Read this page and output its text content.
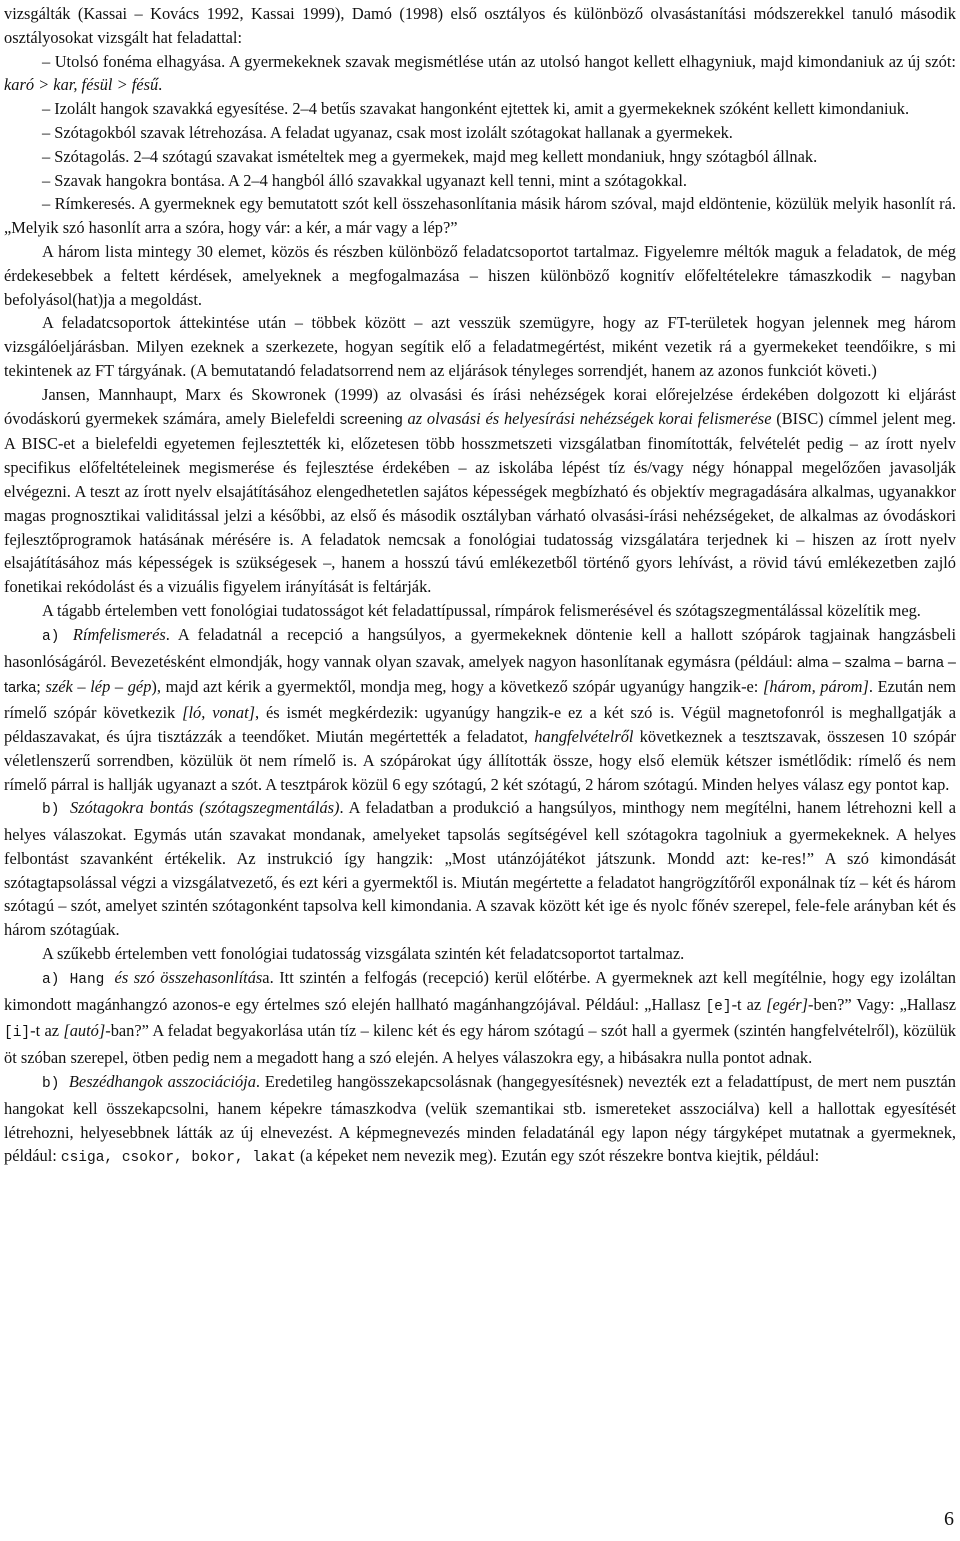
vizsgálták (Kassai – Kovács 1992, Kassai 1999), Damó (1998) első osztályos és különböző olvasástanítási módszerekkel tanuló második osztályosokat vizsgált hat feladattal:

– Utolsó fonéma elhagyása. A gyermekeknek szavak megismétlése után az utolsó hangot kellett elhagyniuk, majd kimondaniuk az új szót: karó > kar, fésül > fésű.

– Izolált hangok szavakká egyesítése. 2–4 betűs szavakat hangonként ejtettek ki, amit a gyermekeknek szóként kellett kimondaniuk.

– Szótagokból szavak létrehozása. A feladat ugyanaz, csak most izolált szótagokat hallanak a gyermekek.

– Szótagolás. 2–4 szótagú szavakat ismételtek meg a gyermekek, majd meg kellett mondaniuk, hngy szótagból állnak.

– Szavak hangokra bontása. A 2–4 hangból álló szavakkal ugyanazt kell tenni, mint a szótagokkal.

– Rímkeresés. A gyermeknek egy bemutatott szót kell összehasonlítania másik három szóval, majd eldöntenie, közülük melyik hasonlít rá. „Melyik szó hasonlít arra a szóra, hogy vár: a kér, a már vagy a lép?”

A három lista mintegy 30 elemet, közös és részben különböző feladatcsoportot tartalmaz. Figyelemre méltók maguk a feladatok, de még érdekesebbek a feltett kérdések, amelyeknek a megfogalmazása – hiszen különböző kognitív előfeltételekre támaszkodik – nagyban befolyásol(hat)ja a megoldást.

A feladatcsoportok áttekintése után – többek között – azt vesszük szemügyre, hogy az FT-területek hogyan jelennek meg három vizsgálóeljárásban. Milyen ezeknek a szerkezete, hogyan segítik elő a feladatmegértést, miként vezetik rá a gyermekeket teendőikre, s mi tekintenek az FT tárgyának. (A bemutatandó feladatsorrend nem az eljárások tényleges sorrendjét, hanem az azonos funkciót követi.)

Jansen, Mannhaupt, Marx és Skowronek (1999) az olvasási és írási nehézségek korai előrejelzése érdekében dolgozott ki eljárást óvodáskorú gyermekek számára, amely Bielefeldi screening az olvasási és helyesírási nehézségek korai felismerése (BISC) címmel jelent meg. A BISC-et a bielefeldi egyetemen fejlesztették ki, előzetesen több hosszmetszeti vizsgálatban finomították, felvételét pedig – az írott nyelv specifikus előfeltételeinek megismerése és fejlesztése érdekében – az iskolába lépést tíz és/vagy négy hónappal megelőzően javasolják elvégezni. A teszt az írott nyelv elsajátításához elengedhetetlen sajátos képességek megbízható és objektív megragadására alkalmas, ugyanakkor magas prognosztikai validitással jelzi a későbbi, az első és második osztályban várható olvasási-írási nehézségeket, de alkalmas az óvodáskori fejlesztőprogramok hatásának mérésére is. A feladatok nemcsak a fonológiai tudatosság vizsgálatára terjednek ki – hiszen az írott nyelv elsajátításához más képességek is szükségesek –, hanem a hosszú távú emlékezetből történő gyors lehívást, a rövid távú emlékezetben zajló fonetikai rekódolást és a vizuális figyelem irányítását is feltárják.

A tágabb értelemben vett fonológiai tudatosságot két feladattípussal, rímpárok felismerésével és szótagszegmentálással közelítik meg.

a) Rímfelismerés. A feladatnál a recepció a hangsúlyos, a gyermekeknek döntenie kell a hallott szópárok tagjainak hangzásbeli hasonlóságáról. Bevezetésként elmondják, hogy vannak olyan szavak, amelyek nagyon hasonlítanak egymásra (például: alma – szalma – barna – tarka; szék – lép – gép), majd azt kérik a gyermektől, mondja meg, hogy a következő szópár ugyanúgy hangzik-e: [három, párom]. Ezután nem rímelő szópár következik [ló, vonat], és ismét megkérdezik: ugyanúgy hangzik-e ez a két szó is. Végül magnetofonról is meghallgatják a példaszavakat, és újra tisztázzák a teendőket. Miután megértették a feladatot, hangfelvételről következnek a tesztszavak, összesen 10 szópár véletlenszerű sorrendben, közülük öt nem rímelő is. A szópárokat úgy állították össze, hogy első elemük kétszer ismétlődik: rímelő és nem rímelő párral is hallják ugyanazt a szót. A tesztpárok közül 6 egy szótagú, 2 két szótagú, 2 három szótagú. Minden helyes válasz egy pontot kap.

b) Szótagokra bontás (szótagszegmentálás). A feladatban a produkció a hangsúlyos, minthogy nem megítélni, hanem létrehozni kell a helyes válaszokat. Egymás után szavakat mondanak, amelyeket tapsolás segítségével kell szótagokra tagolniuk a gyermekeknek. A helyes felbontást szavanként értékelik. Az instrukció így hangzik: „Most utánzójátékot játszunk. Mondd azt: ke-res!” A szó kimondását szótagtapsolással végzi a vizsgálatvezető, és ezt kéri a gyermektől is. Miután megértette a feladatot hangrögzítőről exponálnak tíz – két és három szótagú – szót, amelyet szintén szótagonként tapsolva kell kimondania. A szavak között két ige és nyolc főnév szerepel, fele-fele arányban két és három szótagúak.

A szűkebb értelemben vett fonológiai tudatosság vizsgálata szintén két feladatcsoportot tartalmaz.

a) Hang és szó összehasonlítása. Itt szintén a felfogás (recepció) kerül előtérbe. A gyermeknek azt kell megítélnie, hogy egy izoláltan kimondott magánhangzó azonos-e egy értelmes szó elején hallható magánhangzójával. Például: „Hallasz [e]-t az [egér]-ben?” Vagy: „Hallasz [i]-t az [autó]-ban?” A feladat begyakorlása után tíz – kilenc két és egy három szótagú – szót hall a gyermek (szintén hangfelvételről), közülük öt szóban szerepel, ötben pedig nem a megadott hang a szó elején. A helyes válaszokra egy, a hibásakra nulla pontot adnak.

b) Beszédhangok asszociációja. Eredetileg hangösszekapcsolásnak (hangegyesítésnek) nevezték ezt a feladattípust, de mert nem pusztán hangokat kell összekapcsolni, hanem képekre támaszkodva (velük szemantikai stb. ismereteket asszociálva) kell a hallottak egyesítését létrehozni, helyesebbnek látták az új elnevezést. A képmegnevezés minden feladatánál egy lapon négy tárgyképet mutatnak a gyermeknek, például: csiga, csokor, bokor, lakat (a képeket nem nevezik meg). Ezután egy szót részekre bontva kiejtik, például:

6
